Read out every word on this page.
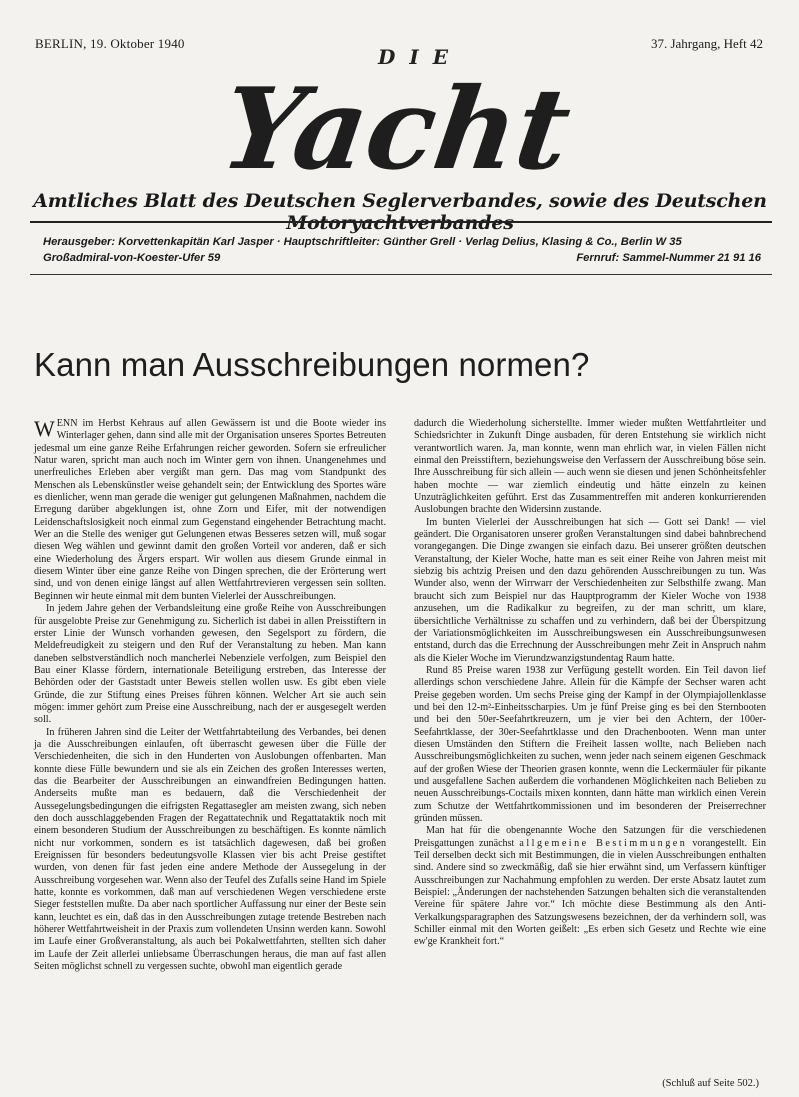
BERLIN, 19. Oktober 1940	37. Jahrgang, Heft 42
DIE
Yacht
Amtliches Blatt des Deutschen Seglerverbandes, sowie des Deutschen Motoryachtverbandes
Herausgeber: Korvettenkapitän Karl Jasper · Hauptschriftleiter: Günther Grell · Verlag Delius, Klasing & Co., Berlin W 35
Großadmiral-von-Koester-Ufer 59	Fernruf: Sammel-Nummer 21 91 16
Kann man Ausschreibungen normen?

WENN im Herbst Kehraus auf allen Gewässern ist und die Boote wieder ins Winterlager gehen, dann sind alle mit der Organisation unseres Sportes Betreuten jedesmal um eine ganze Reihe Erfahrungen reicher geworden. Sofern sie erfreulicher Natur waren, spricht man auch noch im Winter gern von ihnen. Unangenehmes und unerfreuliches Erleben aber vergißt man gern. Das mag vom Standpunkt des Menschen als Lebenskünstler weise gehandelt sein; der Entwicklung des Sportes wäre es dienlicher, wenn man gerade die weniger gut gelungenen Maßnahmen, nachdem die Erregung darüber abgeklungen ist, ohne Zorn und Eifer, mit der notwendigen Leidenschaftslosigkeit noch einmal zum Gegenstand eingehender Betrachtung macht. Wer an die Stelle des weniger gut Gelungenen etwas Besseres setzen will, muß sogar diesen Weg wählen und gewinnt damit den großen Vorteil vor anderen, daß er sich eine Wiederholung des Ärgers erspart. Wir wollen aus diesem Grunde einmal in diesem Winter über eine ganze Reihe von Dingen sprechen, die der Erörterung wert sind, und von denen einige längst auf allen Wettfahrtrevieren vergessen sein sollten. Beginnen wir heute einmal mit dem bunten Vielerlei der Ausschreibungen.

In jedem Jahre gehen der Verbandsleitung eine große Reihe von Ausschreibungen für ausgelobte Preise zur Genehmigung zu. Sicherlich ist dabei in allen Preisstiftern in erster Linie der Wunsch vorhanden gewesen, den Segelsport zu fördern, die Meldefreudigkeit zu steigern und den Ruf der Veranstaltung zu heben. Man kann daneben selbstverständlich noch mancherlei Nebenziele verfolgen, zum Beispiel den Bau einer Klasse fördern, internationale Beteiligung erstreben, das Interesse der Behörden oder der Gaststadt unter Beweis stellen wollen usw. Es gibt eben viele Gründe, die zur Stiftung eines Preises führen können. Welcher Art sie auch sein mögen: immer gehört zum Preise eine Ausschreibung, nach der er ausgesegelt werden soll.

In früheren Jahren sind die Leiter der Wettfahrtabteilung des Verbandes, bei denen ja die Ausschreibungen einlaufen, oft überrascht gewesen über die Fülle der Verschiedenheiten, die sich in den Hunderten von Auslobungen offenbarten. Man konnte diese Fülle bewundern und sie als ein Zeichen des großen Interesses werten, das die Bearbeiter der Ausschreibungen an einwandfreien Bedingungen hatten. Anderseits mußte man es bedauern, daß die Verschiedenheit der Aussegelungsbedingungen die eifrigsten Regattasegler am meisten zwang, sich neben den doch ausschlaggebenden Fragen der Regattatechnik und Regattataktik noch mit einem besonderen Studium der Ausschreibungen zu beschäftigen. Es konnte nämlich nicht nur vorkommen, sondern es ist tatsächlich dagewesen, daß bei großen Ereignissen für besonders bedeutungsvolle Klassen vier bis acht Preise gestiftet wurden, von denen für fast jeden eine andere Methode der Aussegelung in der Ausschreibung vorgesehen war. Wenn also der Teufel des Zufalls seine Hand im Spiele hatte, konnte es vorkommen, daß man auf verschiedenen Wegen verschiedene erste Sieger feststellen mußte. Da aber nach sportlicher Auffassung nur einer der Beste sein kann, leuchtet es ein, daß das in den Ausschreibungen zutage tretende Bestreben nach höherer Wettfahrtweisheit in der Praxis zum vollendeten Unsinn werden kann. Sowohl im Laufe einer Großveranstaltung, als auch bei Pokalwettfahrten, stellten sich daher im Laufe der Zeit allerlei unliebsame Überraschungen heraus, die man auf fast allen Seiten möglichst schnell zu vergessen suchte, obwohl man eigentlich gerade

dadurch die Wiederholung sicherstellte. Immer wieder mußten Wettfahrtleiter und Schiedsrichter in Zukunft Dinge ausbaden, für deren Entstehung sie wirklich nicht verantwortlich waren. Ja, man konnte, wenn man ehrlich war, in vielen Fällen nicht einmal den Preisstiftern, beziehungsweise den Verfassern der Ausschreibung böse sein. Ihre Ausschreibung für sich allein — auch wenn sie diesen und jenen Schönheitsfehler haben mochte — war ziemlich eindeutig und hätte einzeln zu keinen Unzuträglichkeiten geführt. Erst das Zusammentreffen mit anderen konkurrierenden Auslobungen brachte den Widersinn zustande.

Im bunten Vielerlei der Ausschreibungen hat sich — Gott sei Dank! — viel geändert. Die Organisatoren unserer großen Veranstaltungen sind dabei bahnbrechend vorangegangen. Die Dinge zwangen sie einfach dazu. Bei unserer größten deutschen Veranstaltung, der Kieler Woche, hatte man es seit einer Reihe von Jahren meist mit siebzig bis achtzig Preisen und den dazu gehörenden Ausschreibungen zu tun. Was Wunder also, wenn der Wirrwarr der Verschiedenheiten zur Selbsthilfe zwang. Man braucht sich zum Beispiel nur das Hauptprogramm der Kieler Woche von 1938 anzusehen, um die Radikalkur zu begreifen, zu der man schritt, um klare, übersichtliche Verhältnisse zu schaffen und zu verhindern, daß bei der Überspitzung der Variationsmöglichkeiten im Ausschreibungswesen ein Ausschreibungsunwesen entstand, durch das die Errechnung der Ausschreibungen mehr Zeit in Anspruch nahm als die Kieler Woche im Vierundzwanzigstundentag Raum hatte.

Rund 85 Preise waren 1938 zur Verfügung gestellt worden. Ein Teil davon lief allerdings schon verschiedene Jahre. Allein für die Kämpfe der Sechser waren acht Preise gegeben worden. Um sechs Preise ging der Kampf in der Olympiajollenklasse und bei den 12-m²-Einheitsscharpies. Um je fünf Preise ging es bei den Sternbooten und bei den 50er-Seefahrtkreuzern, um je vier bei den Achtern, der 100er-Seefahrtklasse, der 30er-Seefahrtklasse und den Drachenbooten. Wenn man unter diesen Umständen den Stiftern die Freiheit lassen wollte, nach Belieben nach Ausschreibungsmöglichkeiten zu suchen, wenn jeder nach seinem eigenen Geschmack auf der großen Wiese der Theorien grasen konnte, wenn die Leckermäuler für pikante und ausgefallene Sachen außerdem die vorhandenen Möglichkeiten nach Belieben zu neuen Ausschreibungs-Coctails mixen konnten, dann hätte man wirklich einen Verein zum Schutze der Wettfahrtkommissionen und im besonderen der Preiserrechner gründen müssen.

Man hat für die obengenannte Woche den Satzungen für die verschiedenen Preisgattungen zunächst allgemeine Bestimmungen vorangestellt. Ein Teil derselben deckt sich mit Bestimmungen, die in vielen Ausschreibungen enthalten sind. Andere sind so zweckmäßig, daß sie hier erwähnt sind, um Verfassern künftiger Ausschreibungen zur Nachahmung empfohlen zu werden. Der erste Absatz lautet zum Beispiel: „Änderungen der nachstehenden Satzungen behalten sich die veranstaltenden Vereine für spätere Jahre vor.“ Ich möchte diese Bestimmung als den Anti-Verkalkungsparagraphen des Satzungswesens bezeichnen, der da verhindern soll, was Schiller einmal mit den Worten geißelt: „Es erben sich Gesetz und Rechte wie eine ew'ge Krankheit fort.“

(Schluß auf Seite 502.)
